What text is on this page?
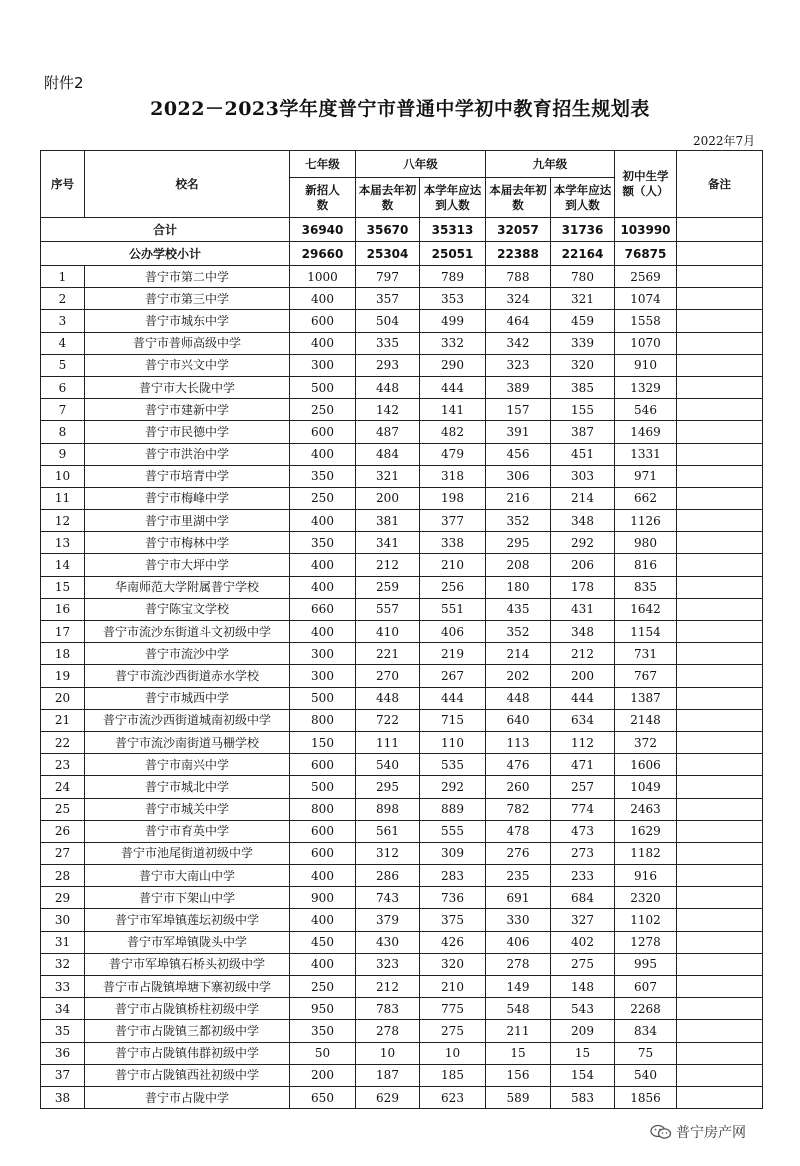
附件2
2022－2023学年度普宁市普通中学初中教育招生规划表
2022年7月
序号	校名	七年级	八年级		九年级		初中生学额（人）	备注
		新招人数	本届去年初数	本学年应达到人数	本届去年初数	本学年应达到人数		
合计		36940	35670	35313	32057	31736	103990	
公办学校小计		29660	25304	25051	22388	22164	76875	
1	普宁市第二中学	1000	797	789	788	780	2569	
2	普宁市第三中学	400	357	353	324	321	1074	
3	普宁市城东中学	600	504	499	464	459	1558	
4	普宁市普师高级中学	400	335	332	342	339	1070	
5	普宁市兴文中学	300	293	290	323	320	910	
6	普宁市大长陇中学	500	448	444	389	385	1329	
7	普宁市建新中学	250	142	141	157	155	546	
8	普宁市民德中学	600	487	482	391	387	1469	
9	普宁市洪治中学	400	484	479	456	451	1331	
10	普宁市培青中学	350	321	318	306	303	971	
11	普宁市梅峰中学	250	200	198	216	214	662	
12	普宁市里湖中学	400	381	377	352	348	1126	
13	普宁市梅林中学	350	341	338	295	292	980	
14	普宁市大坪中学	400	212	210	208	206	816	
15	华南师范大学附属普宁学校	400	259	256	180	178	835	
16	普宁陈宝文学校	660	557	551	435	431	1642	
17	普宁市流沙东街道斗文初级中学	400	410	406	352	348	1154	
18	普宁市流沙中学	300	221	219	214	212	731	
19	普宁市流沙西街道赤水学校	300	270	267	202	200	767	
20	普宁市城西中学	500	448	444	448	444	1387	
21	普宁市流沙西街道城南初级中学	800	722	715	640	634	2148	
22	普宁市流沙南街道马栅学校	150	111	110	113	112	372	
23	普宁市南兴中学	600	540	535	476	471	1606	
24	普宁市城北中学	500	295	292	260	257	1049	
25	普宁市城关中学	800	898	889	782	774	2463	
26	普宁市育英中学	600	561	555	478	473	1629	
27	普宁市池尾街道初级中学	600	312	309	276	273	1182	
28	普宁市大南山中学	400	286	283	235	233	916	
29	普宁市下架山中学	900	743	736	691	684	2320	
30	普宁市军埠镇莲坛初级中学	400	379	375	330	327	1102	
31	普宁市军埠镇陇头中学	450	430	426	406	402	1278	
32	普宁市军埠镇石桥头初级中学	400	323	320	278	275	995	
33	普宁市占陇镇埠塘下寨初级中学	250	212	210	149	148	607	
34	普宁市占陇镇桥柱初级中学	950	783	775	548	543	2268	
35	普宁市占陇镇三都初级中学	350	278	275	211	209	834	
36	普宁市占陇镇伟群初级中学	50	10	10	15	15	75	
37	普宁市占陇镇西社初级中学	200	187	185	156	154	540	
38	普宁市占陇中学	650	629	623	589	583	1856	
普宁房产网
